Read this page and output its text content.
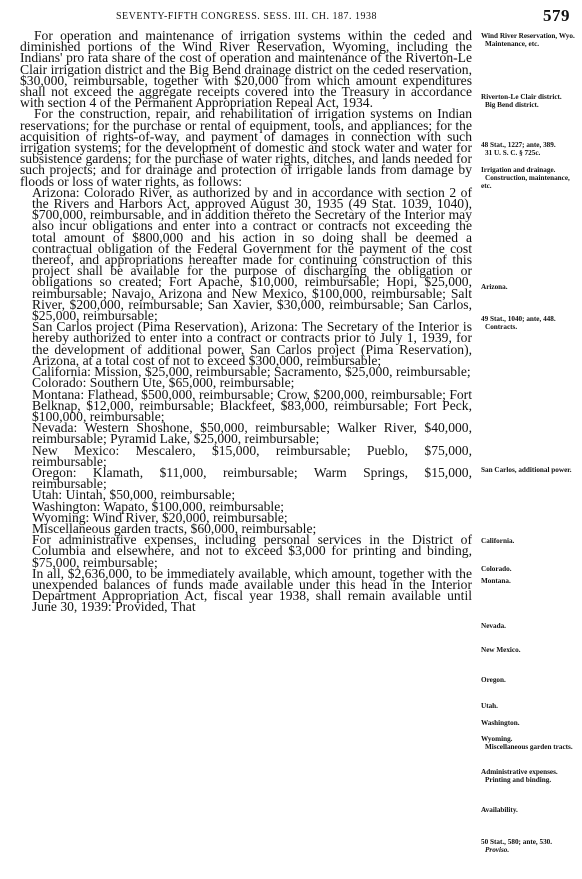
SEVENTY-FIFTH CONGRESS. SESS. III. CH. 187. 1938	579

For operation and maintenance of irrigation systems within the ceded and diminished portions of the Wind River Reservation, Wyoming, including the Indians' pro rata share of the cost of operation and maintenance of the Riverton-Le Clair irrigation district and the Big Bend drainage district on the ceded reservation, $30,000, reimbursable, together with $20,000 from which amount expenditures shall not exceed the aggregate receipts covered into the Treasury in accordance with section 4 of the Permanent Appropriation Repeal Act, 1934.

For the construction, repair, and rehabilitation of irrigation systems on Indian reservations; for the purchase or rental of equipment, tools, and appliances; for the acquisition of rights-of-way, and payment of damages in connection with such irrigation systems; for the development of domestic and stock water and water for subsistence gardens; for the purchase of water rights, ditches, and lands needed for such projects; and for drainage and protection of irrigable lands from damage by floods or loss of water rights, as follows:

Arizona: Colorado River, as authorized by and in accordance with section 2 of the Rivers and Harbors Act, approved August 30, 1935 (49 Stat. 1039, 1040), $700,000, reimbursable, and in addition thereto the Secretary of the Interior may also incur obligations and enter into a contract or contracts not exceeding the total amount of $800,000 and his action in so doing shall be deemed a contractual obligation of the Federal Government for the payment of the cost thereof, and appropriations hereafter made for continuing construction of this project shall be available for the purpose of discharging the obligation or obligations so created; Fort Apache, $10,000, reimbursable; Hopi, $25,000, reimbursable; Navajo, Arizona and New Mexico, $100,000, reimbursable; Salt River, $200,000, reimbursable; San Xavier, $30,000, reimbursable; San Carlos, $25,000, reimbursable;

San Carlos project (Pima Reservation), Arizona: The Secretary of the Interior is hereby authorized to enter into a contract or contracts prior to July 1, 1939, for the development of additional power, San Carlos project (Pima Reservation), Arizona, at a total cost of not to exceed $300,000, reimbursable;

California: Mission, $25,000, reimbursable; Sacramento, $25,000, reimbursable;

Colorado: Southern Ute, $65,000, reimbursable;

Montana: Flathead, $500,000, reimbursable; Crow, $200,000, reimbursable; Fort Belknap, $12,000, reimbursable; Blackfeet, $83,000, reimbursable; Fort Peck, $100,000, reimbursable;

Nevada: Western Shoshone, $50,000, reimbursable; Walker River, $40,000, reimbursable; Pyramid Lake, $25,000, reimbursable;

New Mexico: Mescalero, $15,000, reimbursable; Pueblo, $75,000, reimbursable;

Oregon: Klamath, $11,000, reimbursable; Warm Springs, $15,000, reimbursable;

Utah: Uintah, $50,000, reimbursable;

Washington: Wapato, $100,000, reimbursable;

Wyoming: Wind River, $20,000, reimbursable;

Miscellaneous garden tracts, $60,000, reimbursable;

For administrative expenses, including personal services in the District of Columbia and elsewhere, and not to exceed $3,000 for printing and binding, $75,000, reimbursable;

In all, $2,636,000, to be immediately available, which amount, together with the unexpended balances of funds made available under this head in the Interior Department Appropriation Act, fiscal year 1938, shall remain available until June 30, 1939: Provided, That

Wind River Reservation, Wyo.
Maintenance, etc.
Riverton-Le Clair district.
Big Bend district.
48 Stat., 1227; ante, 389.
31 U. S. C. § 725c.
Irrigation and drainage.
Construction, maintenance, etc.
Arizona.
49 Stat., 1040; ante, 448.
Contracts.
San Carlos, additional power.
California.
Colorado.
Montana.
Nevada.
New Mexico.
Oregon.
Utah.
Washington.
Wyoming.
Miscellaneous garden tracts.
Administrative expenses.
Printing and binding.
Availability.
50 Stat., 580; ante, 530.
Proviso.
